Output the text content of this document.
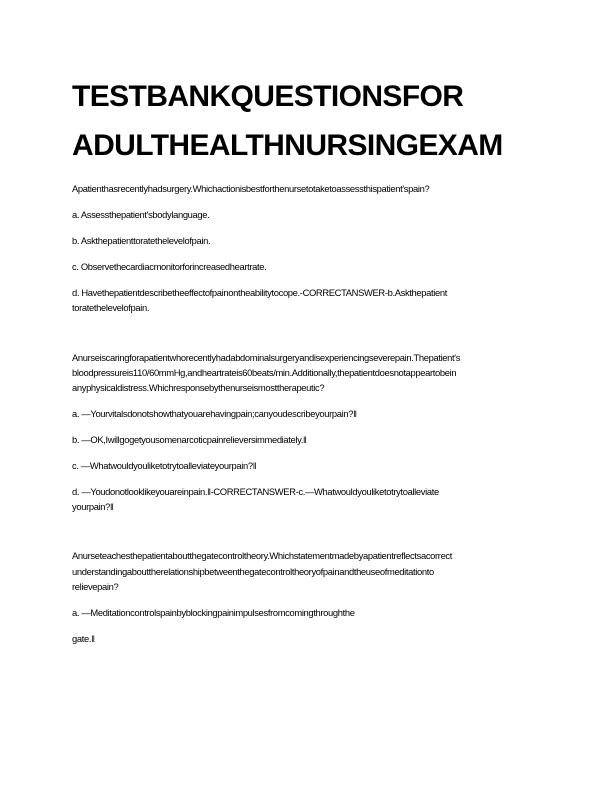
TESTBANKQUESTIONSFOR
ADULTHEALTHNURSINGEXAM
Apatienthasrecentlyhadsurgery.Whichactionisbestforthenursetotaketoassessthispatient'spain?
a. Assessthepatient'sbodylanguage.
b. Askthepatienttoratethelevelofpain.
c. Observethecardiacmonitorforincreasedheartrate.
d. Havethepatientdescribetheeffectofpainontheabilitytocope.-CORRECTANSWER-b.Askthepatient
toratethelevelofpain.
Anurseiscaringforapatientwhorecentlyhadabdominalsurgeryandisexperiencingseverepain.Thepatient's
bloodpressureis110/60mmHg,andheartrateis60beats/min.Additionally,thepatientdoesnotappeartobein
anyphysicaldistress.Whichresponsebythenurseismosttherapeutic?
a. ―Yourvitalsdonotshowthatyouarehavingpain;canyoudescribeyourpain?‖
b. ―OK,Iwillgogetyousomenarcoticpainrelieversimmediately.‖
c. ―Whatwouldyouliketotrytoalleviateyourpain?‖
d. ―Youdonotlooklikeyouareinpain.‖-CORRECTANSWER-c.―Whatwouldyouliketotrytoalleviate
yourpain?‖
Anurseteachesthepatientaboutthegatecontroltheory.Whichstatementmadebyapatientreflectsacorrect
understandingabouttherelationshipbetweenthegatecontroltheoryofpainandtheuseofmeditationto
relievepain?
a. ―Meditationcontrolspainbyblockingpainimpulsesfromcomingthroughthe
gate.‖
